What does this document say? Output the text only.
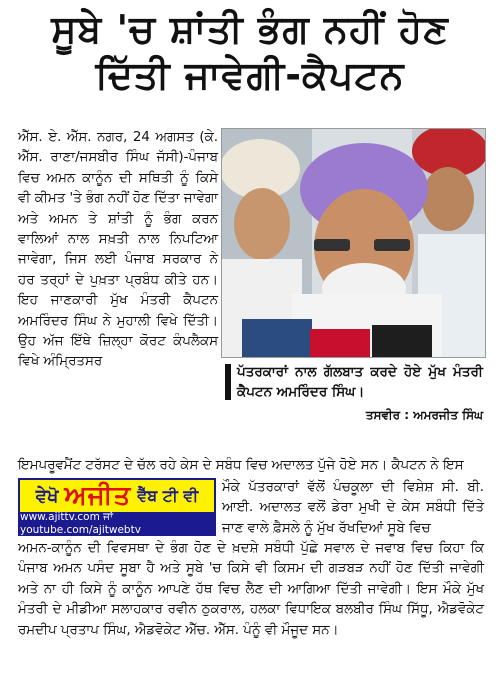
ਸੂਬੇ 'ਚ ਸ਼ਾਂਤੀ ਭੰਗ ਨਹੀਂ ਹੋਣ
ਦਿੱਤੀ ਜਾਵੇਗੀ-ਕੈਪਟਨ

ਐੱਸ. ਏ. ਐੱਸ. ਨਗਰ, 24 ਅਗਸਤ (ਕੇ. ਐੱਸ. ਰਾਣਾ/ਜਸਬੀਰ ਸਿੰਘ ਜੱਸੀ)-ਪੰਜਾਬ ਵਿਚ ਅਮਨ ਕਾਨੂੰਨ ਦੀ ਸਥਿਤੀ ਨੂੰ ਕਿਸੇ ਵੀ ਕੀਮਤ 'ਤੇ ਭੰਗ ਨਹੀਂ ਹੋਣ ਦਿੱਤਾ ਜਾਵੇਗਾ ਅਤੇ ਅਮਨ ਤੇ ਸ਼ਾਂਤੀ ਨੂੰ ਭੰਗ ਕਰਨ ਵਾਲਿਆਂ ਨਾਲ ਸਖ਼ਤੀ ਨਾਲ ਨਿਪਟਿਆ ਜਾਵੇਗਾ, ਜਿਸ ਲਈ ਪੰਜਾਬ ਸਰਕਾਰ ਨੇ ਹਰ ਤਰ੍ਹਾਂ ਦੇ ਪੁਖ਼ਤਾ ਪ੍ਰਬੰਧ ਕੀਤੇ ਹਨ। ਇਹ ਜਾਣਕਾਰੀ ਮੁੱਖ ਮੰਤਰੀ ਕੈਪਟਨ ਅਮਰਿੰਦਰ ਸਿੰਘ ਨੇ ਮੁਹਾਲੀ ਵਿਖੇ ਦਿੱਤੀ। ਉਹ ਅੱਜ ਇੱਥੇ ਜ਼ਿਲ੍ਹਾ ਕੋਰਟ ਕੰਪਲੈਕਸ ਵਿਖੇ ਅੰਮ੍ਰਿਤਸਰ

ਪੱਤਰਕਾਰਾਂ ਨਾਲ ਗੱਲਬਾਤ ਕਰਦੇ ਹੋਏ ਮੁੱਖ ਮੰਤਰੀ ਕੈਪਟਨ ਅਮਰਿੰਦਰ ਸਿੰਘ।
ਤਸਵੀਰ : ਅਮਰਜੀਤ ਸਿੰਘ
ਇਮਪਰੂਵਮੈਂਟ ਟਰੱਸਟ ਦੇ ਚੱਲ ਰਹੇ ਕੇਸ ਦੇ ਸਬੰਧ ਵਿਚ ਅਦਾਲਤ ਪੁੱਜੇ ਹੋਏ ਸਨ। ਕੈਪਟਨ ਨੇ ਇਸ
ਵੇਖੋ ਅਜੀਤ ਵੈੱਬ ਟੀ ਵੀ
www.ajittv.com ਜਾਂ youtube.com/ajitwebtv
ਮੌਕੇ ਪੱਤਰਕਾਰਾਂ ਵੱਲੋਂ ਪੰਚਕੂਲਾ ਦੀ ਵਿਸ਼ੇਸ਼ ਸੀ. ਬੀ. ਆਈ. ਅਦਾਲਤ ਵਲੋਂ ਡੇਰਾ ਮੁਖੀ ਦੇ ਕੇਸ ਸਬੰਧੀ ਦਿੱਤੇ ਜਾਣ ਵਾਲੇ ਫ਼ੈਸਲੇ ਨੂੰ ਮੁੱਖ ਰੱਖਦਿਆਂ ਸੂਬੇ ਵਿਚ
ਅਮਨ-ਕਾਨੂੰਨ ਦੀ ਵਿਵਸਥਾ ਦੇ ਭੰਗ ਹੋਣ ਦੇ ਖ਼ਦਸ਼ੇ ਸਬੰਧੀ ਪੁੱਛੇ ਸਵਾਲ ਦੇ ਜਵਾਬ ਵਿਚ ਕਿਹਾ ਕਿ ਪੰਜਾਬ ਅਮਨ ਪਸੰਦ ਸੂਬਾ ਹੈ ਅਤੇ ਸੂਬੇ 'ਚ ਕਿਸੇ ਵੀ ਕਿਸਮ ਦੀ ਗੜਬੜ ਨਹੀਂ ਹੋਣ ਦਿੱਤੀ ਜਾਵੇਗੀ ਅਤੇ ਨਾ ਹੀ ਕਿਸੇ ਨੂੰ ਕਾਨੂੰਨ ਆਪਣੇ ਹੱਥ ਵਿਚ ਲੈਣ ਦੀ ਆਗਿਆ ਦਿੱਤੀ ਜਾਵੇਗੀ। ਇਸ ਮੌਕੇ ਮੁੱਖ ਮੰਤਰੀ ਦੇ ਮੀਡੀਆ ਸਲਾਹਕਾਰ ਰਵੀਨ ਠੁਕਰਾਲ, ਹਲਕਾ ਵਿਧਾਇਕ ਬਲਬੀਰ ਸਿੰਘ ਸਿੱਧੂ, ਐਡਵੋਕੇਟ ਰਮਦੀਪ ਪ੍ਰਤਾਪ ਸਿੰਘ, ਐਡਵੋਕੇਟ ਐੱਚ. ਐੱਸ. ਪੰਨੂੰ ਵੀ ਮੌਜੂਦ ਸਨ।
